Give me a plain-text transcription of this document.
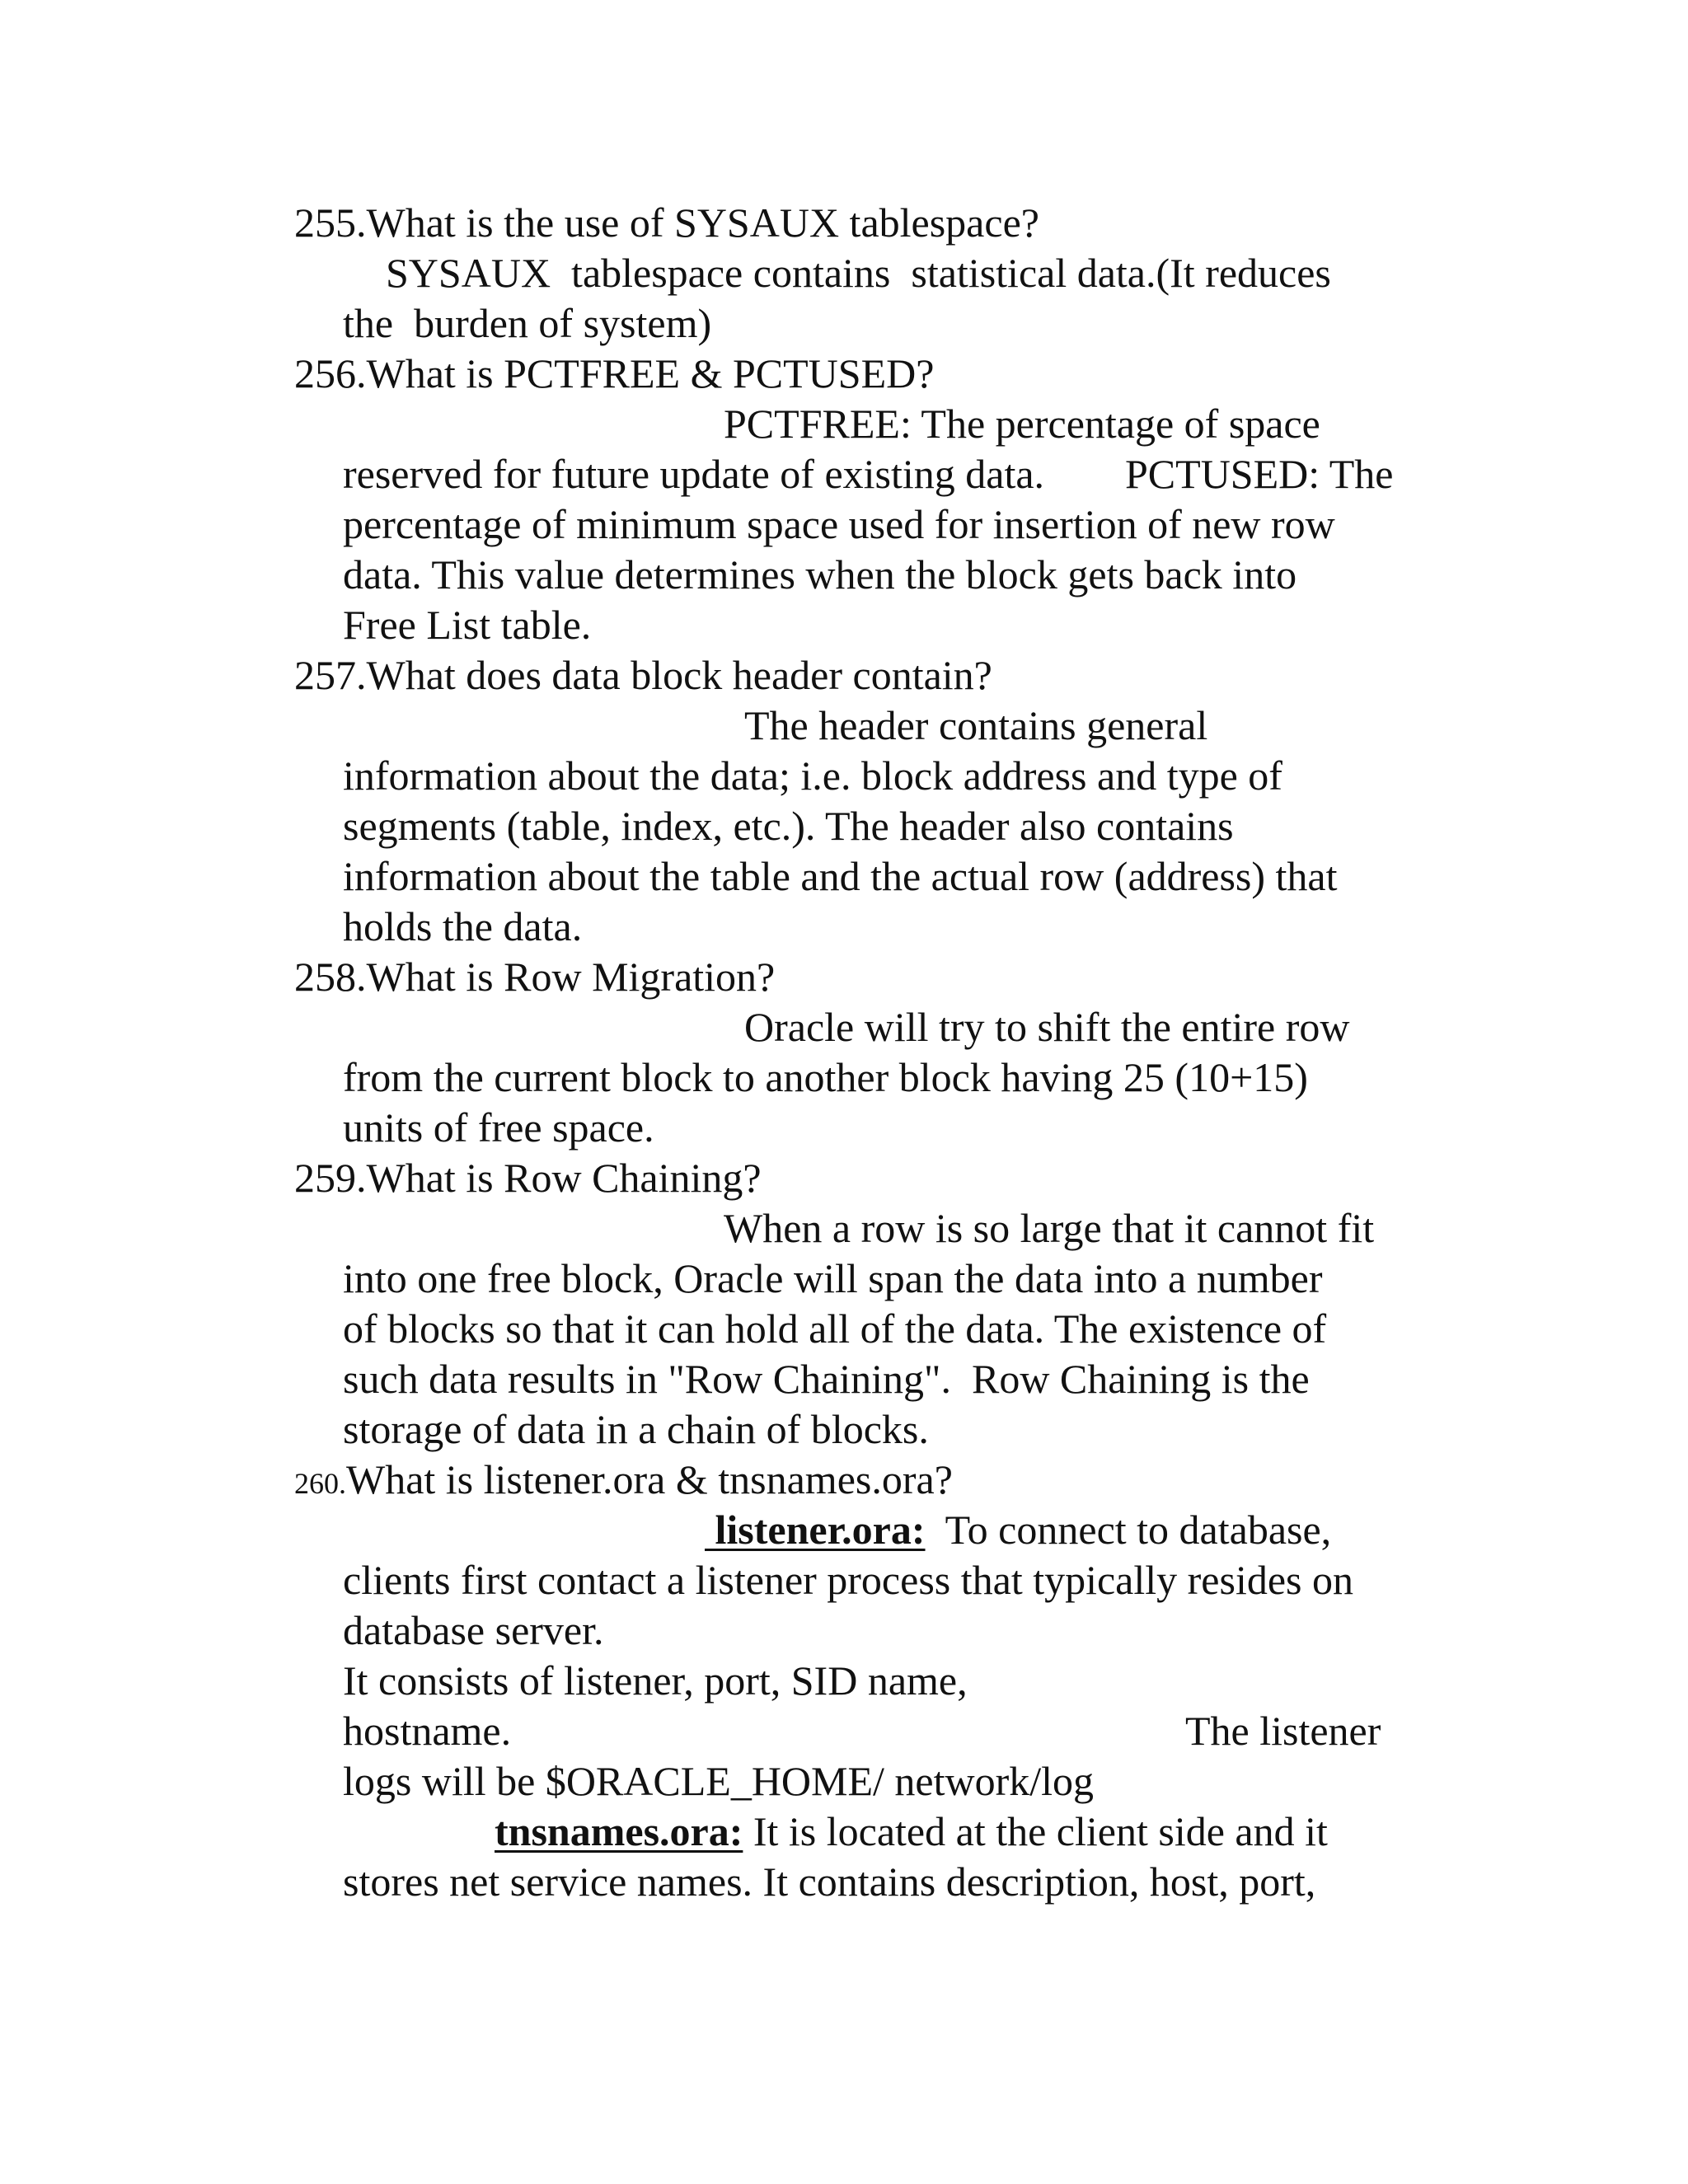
255.What is the use of SYSAUX tablespace?
SYSAUX  tablespace contains  statistical data.(It reduces
the  burden of system)
256.What is PCTFREE & PCTUSED?
PCTFREE: The percentage of space
reserved for future update of existing data. PCTUSED: The
percentage of minimum space used for insertion of new row
data. This value determines when the block gets back into
Free List table.
257.What does data block header contain?
The header contains general
information about the data; i.e. block address and type of
segments (table, index, etc.). The header also contains
information about the table and the actual row (address) that
holds the data.
258.What is Row Migration?
Oracle will try to shift the entire row
from the current block to another block having 25 (10+15)
units of free space.
259.What is Row Chaining?
When a row is so large that it cannot fit
into one free block, Oracle will span the data into a number
of blocks so that it can hold all of the data. The existence of
such data results in "Row Chaining".  Row Chaining is the
storage of data in a chain of blocks.
260.What is listener.ora & tnsnames.ora?
listener.ora:  To connect to database,
clients first contact a listener process that typically resides on
database server.
It consists of listener, port, SID name,
hostname.	The listener
logs will be $ORACLE_HOME/ network/log
tnsnames.ora: It is located at the client side and it
stores net service names. It contains description, host, port,
